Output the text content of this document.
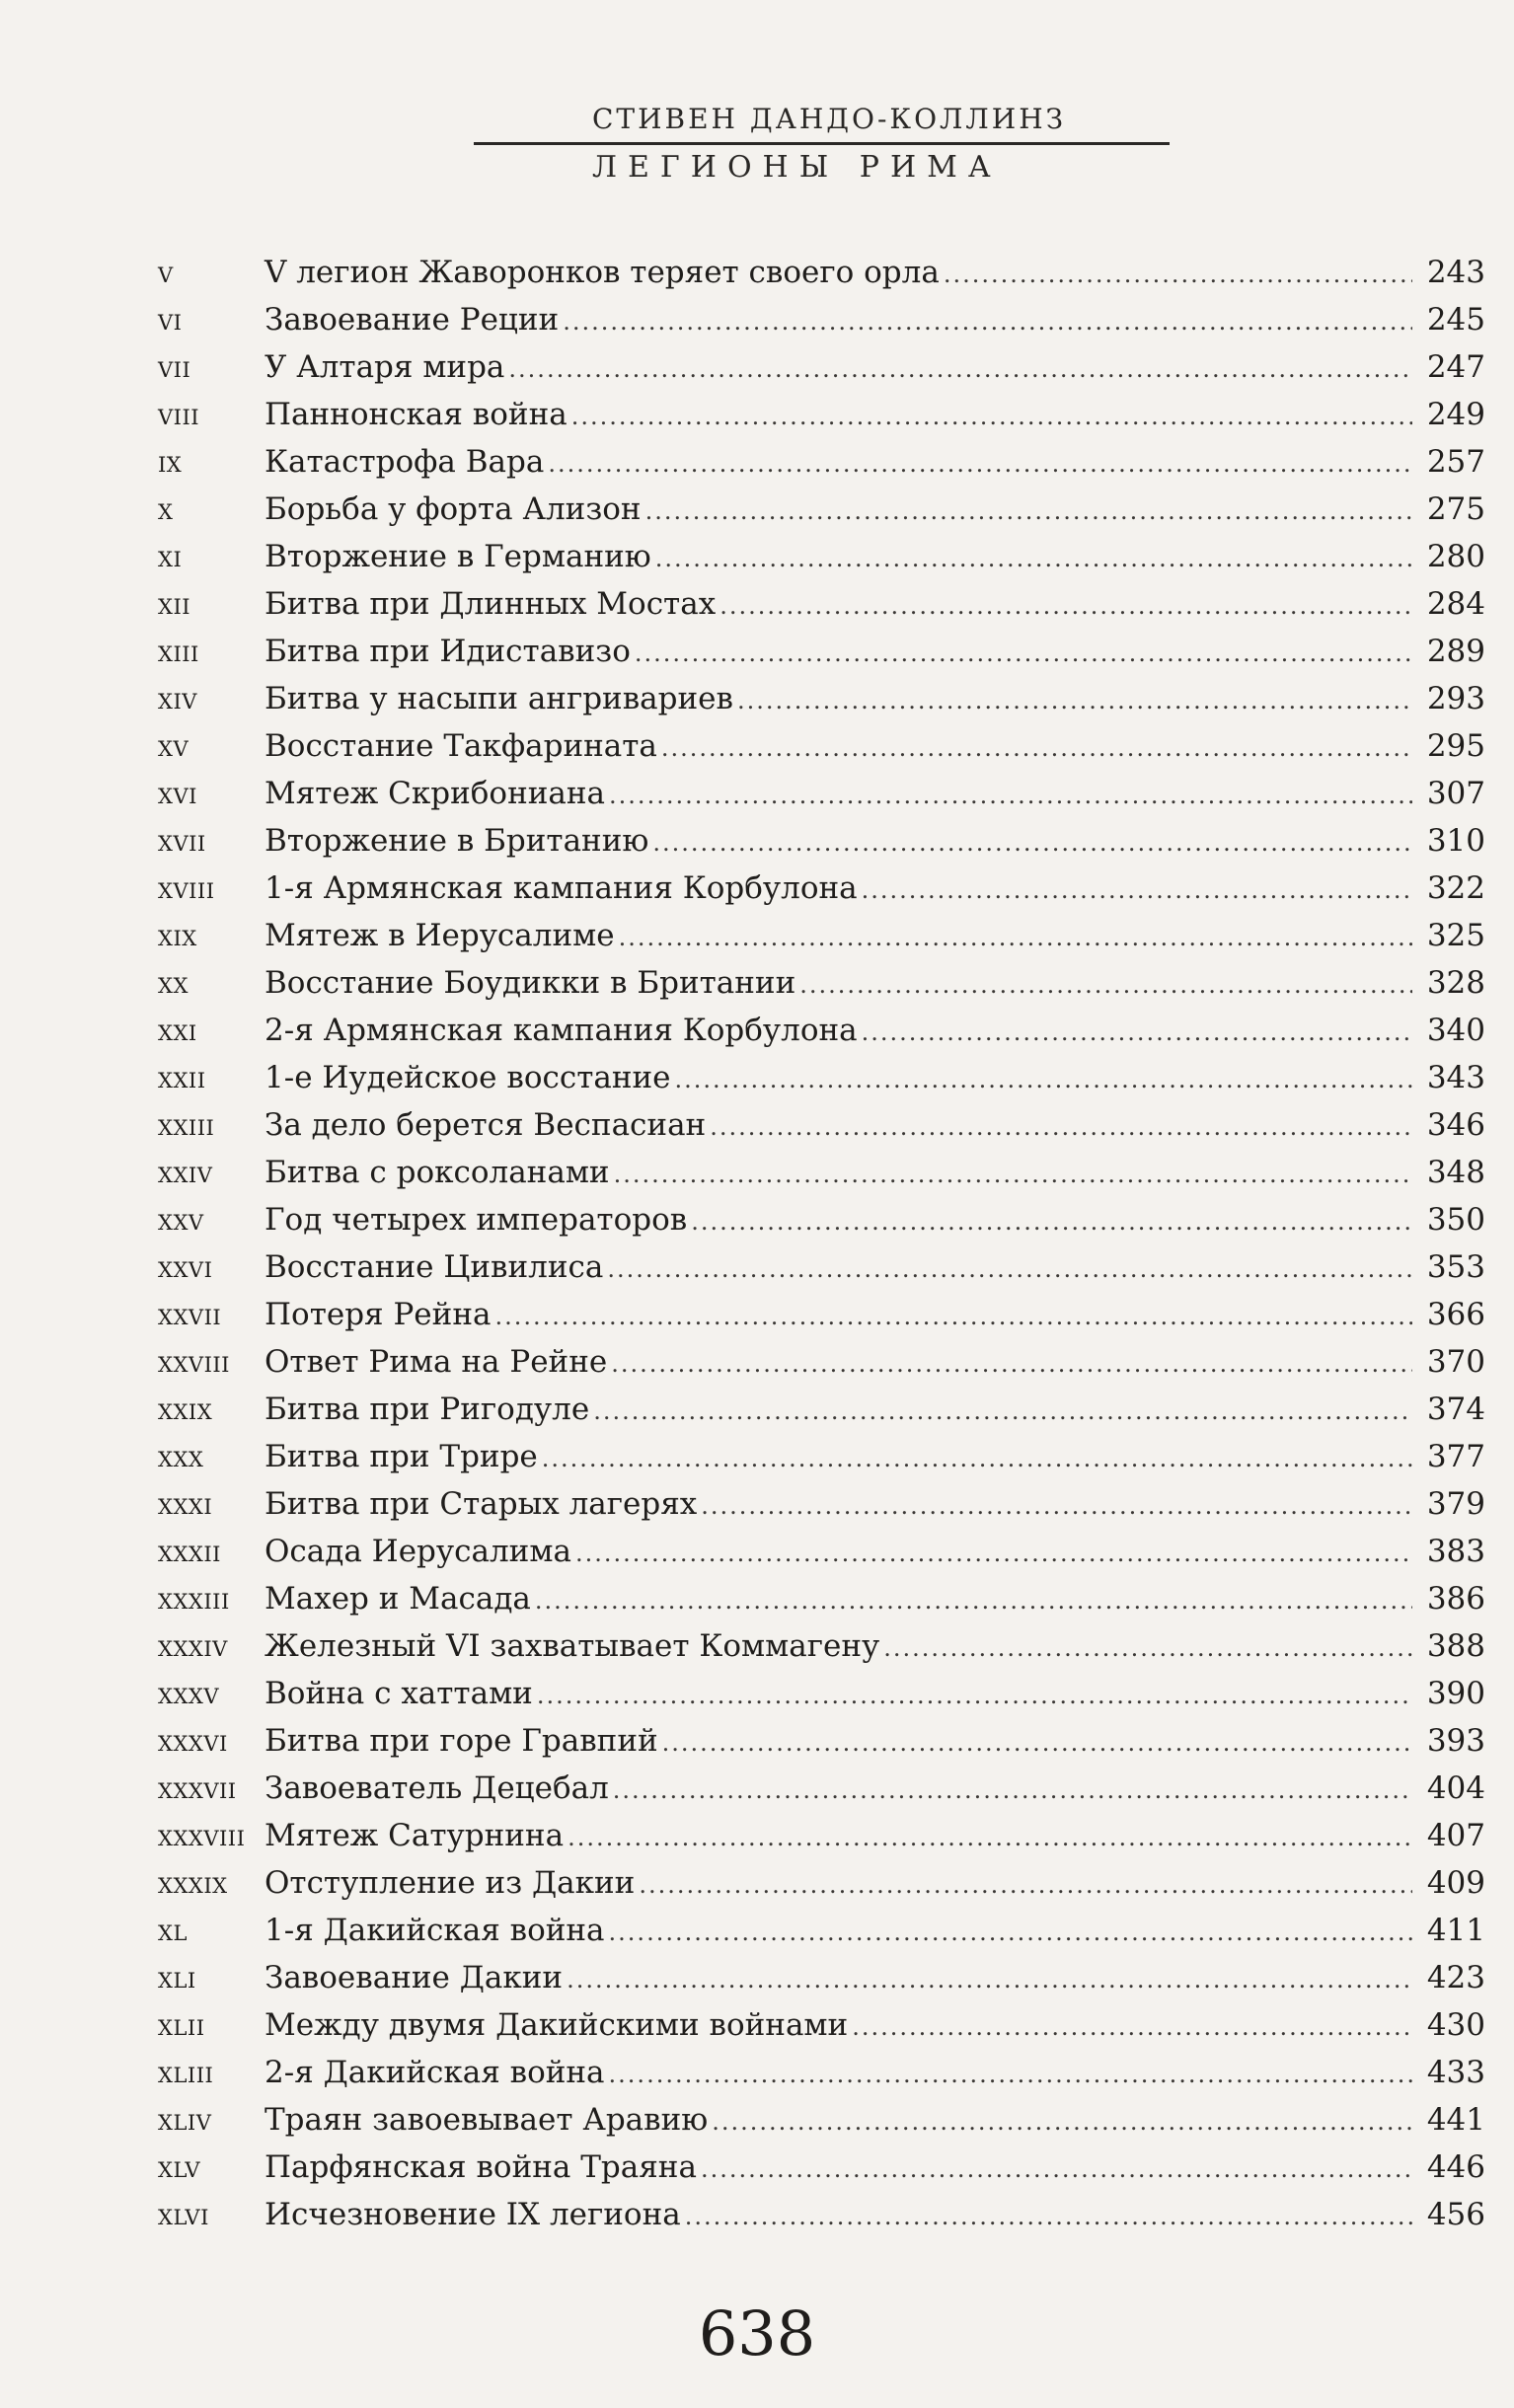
СТИВЕН ДАНДО-КОЛЛИНЗ
ЛЕГИОНЫ РИМА
V	V легион Жаворонков теряет своего орла .....	243
VI	Завоевание Реции .....	245
VII	У Алтаря мира .....	247
VIII	Паннонская война .....	249
IX	Катастрофа Вара .....	257
X	Борьба у форта Ализон .....	275
XI	Вторжение в Германию .....	280
XII	Битва при Длинных Мостах .....	284
XIII	Битва при Идиставизо .....	289
XIV	Битва у насыпи ангривариев .....	293
XV	Восстание Такфарината .....	295
XVI	Мятеж Скрибониана .....	307
XVII	Вторжение в Британию .....	310
XVIII	1-я Армянская кампания Корбулона .....	322
XIX	Мятеж в Иерусалиме .....	325
XX	Восстание Боудикки в Британии .....	328
XXI	2-я Армянская кампания Корбулона .....	340
XXII	1-е Иудейское восстание .....	343
XXIII	За дело берется Веспасиан .....	346
XXIV	Битва с роксоланами .....	348
XXV	Год четырех императоров .....	350
XXVI	Восстание Цивилиса .....	353
XXVII	Потеря Рейна .....	366
XXVIII	Ответ Рима на Рейне .....	370
XXIX	Битва при Ригодуле .....	374
XXX	Битва при Трире .....	377
XXXI	Битва при Старых лагерях .....	379
XXXII	Осада Иерусалима .....	383
XXXIII	Махер и Масада .....	386
XXXIV	Железный VI захватывает Коммагену .....	388
XXXV	Война с хаттами .....	390
XXXVI	Битва при горе Гравпий .....	393
XXXVII Завоеватель Децебал .....	404
XXXVIII Мятеж Сатурнина .....	407
XXXIX	Отступление из Дакии .....	409
XL	1-я Дакийская война .....	411
XLI	Завоевание Дакии .....	423
XLII	Между двумя Дакийскими войнами .....	430
XLIII	2-я Дакийская война .....	433
XLIV	Траян завоевывает Аравию .....	441
XLV	Парфянская война Траяна .....	446
XLVI	Исчезновение IX легиона .....	456
638
